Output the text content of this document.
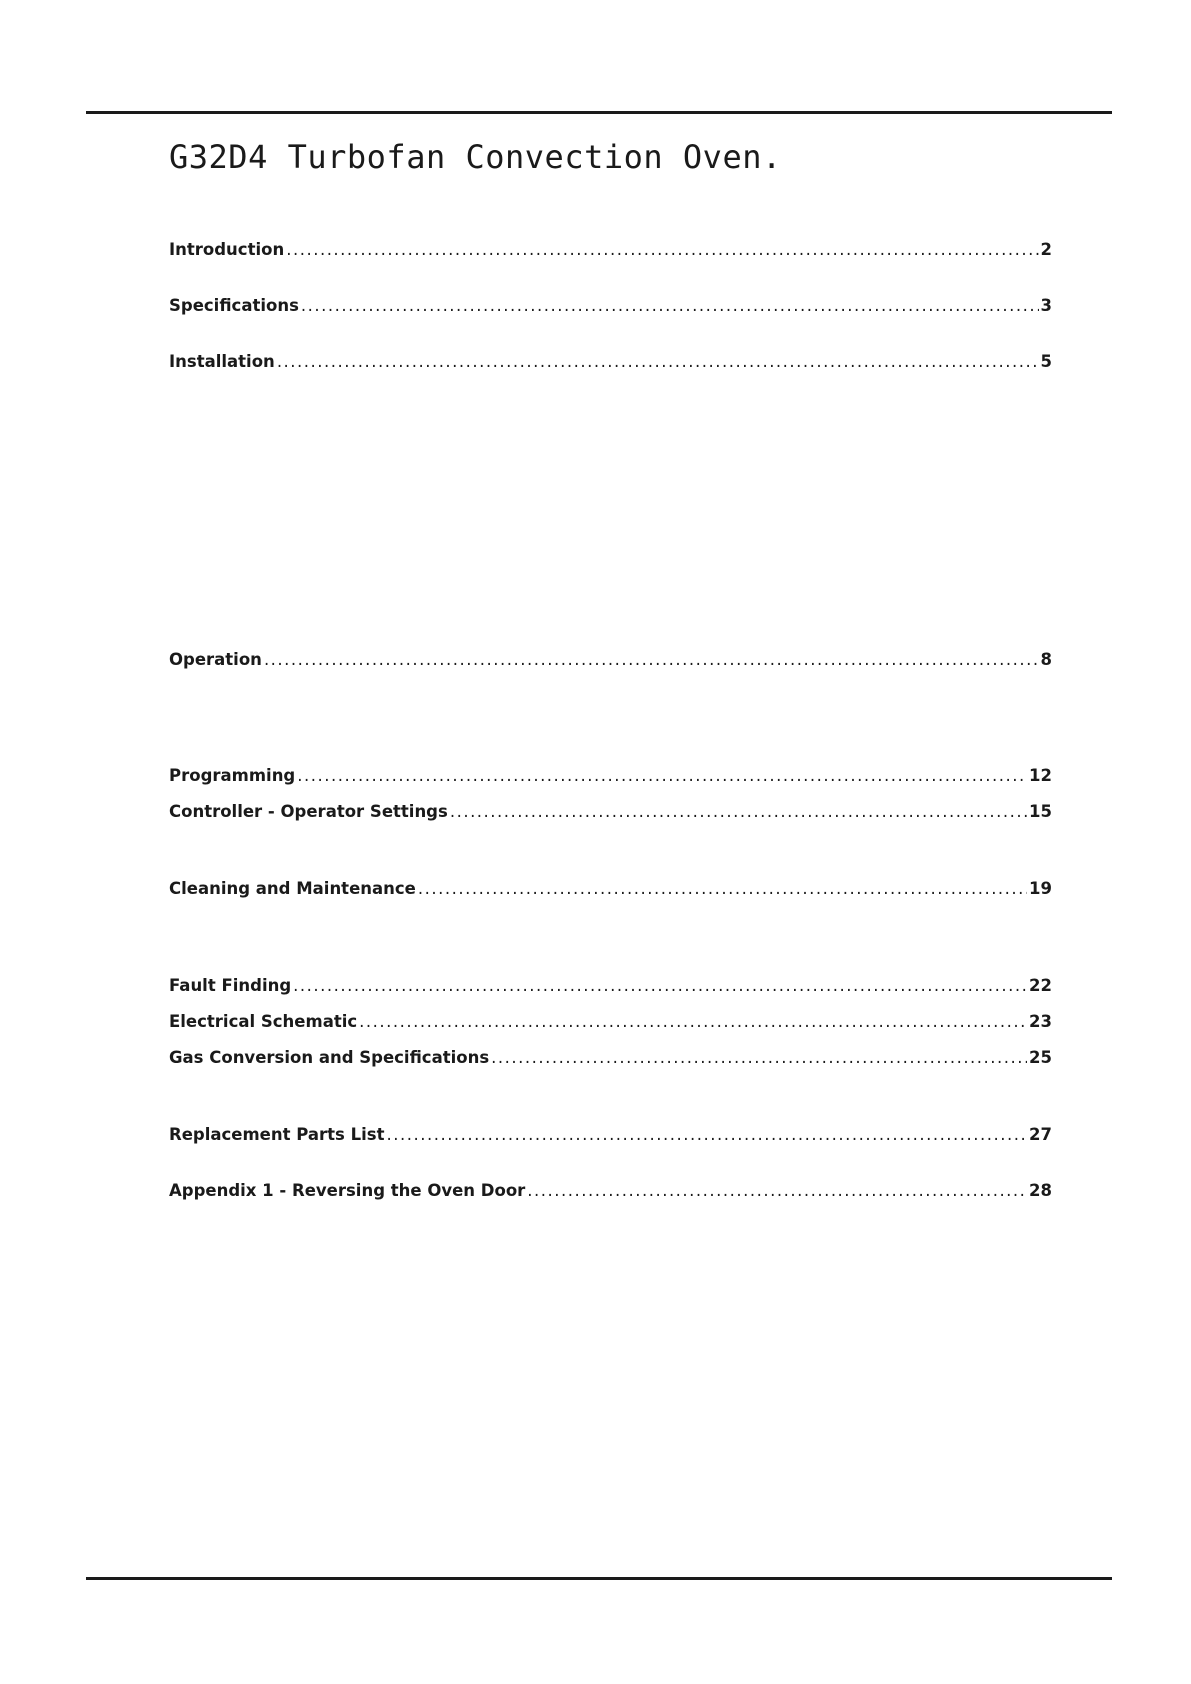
G32D4 Turbofan Convection Oven.
Introduction .....	2
Specifications .....	3
Installation .....	5
Operation .....	8
Programming .....	12
Controller - Operator Settings .....	15
Cleaning and Maintenance .....	19
Fault Finding .....	22
Electrical Schematic .....	23
Gas Conversion and Specifications .....	25
Replacement Parts List .....	27
Appendix 1 - Reversing the Oven Door .....	28
